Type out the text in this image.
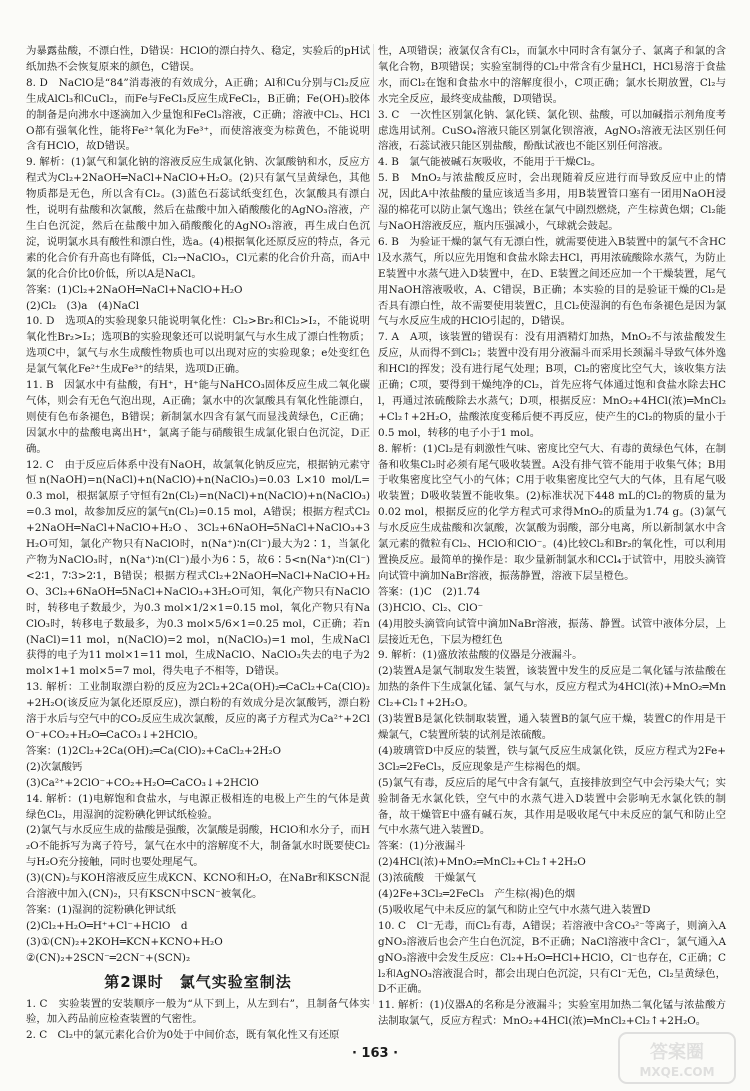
为暴露盐酸，不漂白性，D错误：HClO的漂白持久、稳定，实验后的pH试纸加热不会恢复原来的颜色，C错误。

8. D　NaClO是“84”消毒液的有效成分，A正确；Al和Cu分别与Cl₂反应生成AlCl₃和CuCl₂，而Fe与FeCl₃反应生成FeCl₂，B正确；Fe(OH)₃胶体的制备是向沸水中逐滴加入少量饱和FeCl₃溶液，C正确；溶液中Cl₂、HClO都有强氧化性，能将Fe²⁺氧化为Fe³⁺，而使溶液变为棕黄色，不能说明含有HClO，故D错误。

9. 解析：(1)氯气和氯化钠的溶液反应生成氯化钠、次氯酸钠和水，反应方程式为Cl₂+2NaOH═NaCl+NaClO+H₂O。(2)只有氯气呈黄绿色，其他物质都是无色，所以含有Cl₂。(3)蓝色石蕊试纸变红色，次氯酸具有漂白性，说明有盐酸和次氯酸，然后在盐酸中加入硝酸酸化的AgNO₃溶液，产生白色沉淀，然后在盐酸中加入硝酸酸化的AgNO₃溶液，再生成白色沉淀，说明氯水具有酸性和漂白性，选a。(4)根据氧化还原反应的特点，各元素的化合价有升高也有降低，Cl₂→NaClO₃，Cl元素的化合价升高，而A中氯的化合价比0价低，所以A是NaCl。

答案：(1)Cl₂+2NaOH═NaCl+NaClO+H₂O

(2)Cl₂　(3)a　(4)NaCl

10. D　选项A的实验现象只能说明氧化性：Cl₂>Br₂和Cl₂>I₂，不能说明氧化性Br₂>I₂；选项B的实验现象还可以说明氯气与水生成了漂白性物质；选项C中，氯气与水生成酸性物质也可以出现对应的实验现象；e处变红色是氯气氧化Fe²⁺生成Fe³⁺的结果，选项D正确。

11. B　因氯水中有盐酸，有H⁺，H⁺能与NaHCO₃固体反应生成二氧化碳气体，则会有无色气泡出现，A正确；氯水中的次氯酸具有氧化性能漂白，则使有色布条褪色，B错误；新制氯水四含有氯气而显浅黄绿色，C正确；因氯水中的盐酸电离出H⁺，氯离子能与硝酸银生成氯化银白色沉淀，D正确。

12. C　由于反应后体系中没有NaOH，故氯氧化钠反应完，根据钠元素守恒n(NaOH)=n(NaCl)+n(NaClO)+n(NaClO₃)=0.03 L×10 mol/L=0.3 mol，根据氯原子守恒有2n(Cl₂)=n(NaCl)+n(NaClO)+n(NaClO₃)=0.3 mol，故参加反应的氯气n(Cl₂)=0.15 mol，A错误；根据方程式Cl₂+2NaOH═NaCl+NaClO+H₂O、3Cl₂+6NaOH═5NaCl+NaClO₃+3H₂O可知，氯化产物只有NaClO时，n(Na⁺)∶n(Cl⁻)最大为2∶1，当氯化产物为NaClO₃时，n(Na⁺)∶n(Cl⁻)最小为6∶5，故6∶5<n(Na⁺)∶n(Cl⁻)<2∶1，7∶3>2∶1，B错误；根据方程式Cl₂+2NaOH═NaCl+NaClO+H₂O、3Cl₂+6NaOH═5NaCl+NaClO₃+3H₂O可知，氧化产物只有NaClO时，转移电子数最少，为0.3 mol×1/2×1=0.15 mol，氧化产物只有NaClO₃时，转移电子数最多，为0.3 mol×5/6×1=0.25 mol，C正确；若n(NaCl)=11 mol，n(NaClO)=2 mol，n(NaClO₃)=1 mol，生成NaCl获得的电子为11 mol×1=11 mol，生成NaClO、NaClO₃失去的电子为2 mol×1+1 mol×5=7 mol，得失电子不相等，D错误。

13. 解析：工业制取漂白粉的反应为2Cl₂+2Ca(OH)₂═CaCl₂+Ca(ClO)₂+2H₂O(该反应为氯化还原反应)，漂白粉的有效成分是次氯酸钙，漂白粉溶于水后与空气中的CO₂反应生成次氯酸，反应的离子方程式为Ca²⁺+2ClO⁻+CO₂+H₂O═CaCO₃↓+2HClO。

答案：(1)2Cl₂+2Ca(OH)₂═Ca(ClO)₂+CaCl₂+2H₂O

(2)次氯酸钙

(3)Ca²⁺+2ClO⁻+CO₂+H₂O═CaCO₃↓+2HClO

14. 解析：(1)电解饱和食盐水，与电源正极相连的电极上产生的气体是黄绿色Cl₂，用湿润的淀粉碘化钾试纸检验。

(2)氯气与水反应生成的盐酸是强酸，次氯酸是弱酸，HClO和水分子，而H₂O不能拆写为离子符号，氯气在水中的溶解度不大，制备氯水时既要使Cl₂与H₂O充分接触，同时也要处理尾气。

(3)(CN)₂与KOH溶液反应生成KCN、KCNO和H₂O，在NaBr和KSCN混合溶液中加入(CN)₂，只有KSCN中SCN⁻被氧化。

答案：(1)湿润的淀粉碘化钾试纸

(2)Cl₂+H₂O═H⁺+Cl⁻+HClO　d

(3)①(CN)₂+2KOH═KCN+KCNO+H₂O

②(CN)₂+2SCN⁻═2CN⁻+(SCN)₂

第2课时　氯气实验室制法

1. C　实验装置的安装顺序一般为“从下到上，从左到右”，且制备气体实验，加入药品前应检查装置的气密性。

2. C　Cl₂中的氯元素化合价为0处于中间价态，既有氧化性又有还原

性，A项错误；液氯仅含有Cl₂，而氯水中同时含有氯分子、氯离子和氯的含氧化合物，B项错误；实验室制得的Cl₂中常含有少量HCl，HCl易溶于食盐水，而Cl₂在饱和食盐水中的溶解度很小，C项正确；氯水长期放置，Cl₂与水完全反应，最终变成盐酸，D项错误。

3. C　一次性区别氯化钠、氯化镁、氯化钡、盐酸，可以加碱指示剂角度考虑选用试剂。CuSO₄溶液只能区别氯化钡溶液，AgNO₃溶液无法区别任何溶液，石蕊试液只能区别盐酸，酚酞试液也不能区别任何溶液。

4. B　氯气能被碱石灰吸收，不能用于干燥Cl₂。

5. B　MnO₂与浓盐酸反应时，会出现随着反应进行而导致反应中止的情况，因此A中浓盐酸的量应该适当多用，用B装置管口塞有一团用NaOH浸湿的棉花可以防止氯气逸出；铁丝在氯气中剧烈燃烧，产生棕黄色烟；Cl₂能与NaOH溶液反应，瓶内压强减小，气球就会鼓起。

6. B　为验证干燥的氯气有无漂白性，就需要使进入B装置中的氯气不含HCl及水蒸气，所以应先用饱和食盐水除去HCl，再用浓硫酸除水蒸气，为防止E装置中水蒸气进入D装置中，在D、E装置之间还应加一个干燥装置，尾气用NaOH溶液吸收，A、C错误，B正确；本实验的目的是验证干燥的Cl₂是否具有漂白性，故不需要使用装置C，且Cl₂使湿润的有色布条褪色是因为氯气与水反应生成的HClO引起的，D错误。

7. A　A项，该装置的错误有：没有用酒精灯加热，MnO₂不与浓盐酸发生反应，从而得不到Cl₂；装置中没有用分液漏斗而采用长颈漏斗导致气体外逸和HCl的挥发；没有进行尾气处理；B项，Cl₂的密度比空气大，该收集方法正确；C项，要得到干燥纯净的Cl₂，首先应将气体通过饱和食盐水除去HCl，再通过浓硫酸除去水蒸气；D项，根据反应：MnO₂+4HCl(浓)═MnCl₂+Cl₂↑+2H₂O，盐酸浓度变稀后便不再反应，使产生的Cl₂的物质的量小于0.5 mol，转移的电子小于1 mol。

8. 解析：(1)Cl₂是有刺激性气味、密度比空气大、有毒的黄绿色气体，在制备和收集Cl₂时必须有尾气吸收装置。A没有排气管不能用于收集气体；B用于收集密度比空气小的气体；C用于收集密度比空气大的气体，且有尾气吸收装置；D吸收装置不能收集。(2)标准状况下448 mL的Cl₂的物质的量为0.02 mol，根据反应的化学方程式可求得MnO₂的质量为1.74 g。(3)氯气与水反应生成盐酸和次氯酸，次氯酸为弱酸，部分电离，所以新制氯水中含氯元素的微粒有Cl₂、HClO和ClO⁻。(4)比较Cl₂和Br₂的氧化性，可以利用置换反应。最简单的操作是：取少量新制氯水和CCl₄于试管中，用胶头滴管向试管中滴加NaBr溶液，振荡静置，溶液下层呈橙色。

答案：(1)C　(2)1.74

(3)HClO、Cl₂、ClO⁻

(4)用胶头滴管向试管中滴加NaBr溶液，振荡、静置。试管中液体分层，上层接近无色，下层为橙红色

9. 解析：(1)盛放浓盐酸的仪器是分液漏斗。

(2)装置A是氯气制取发生装置，该装置中发生的反应是二氧化锰与浓盐酸在加热的条件下生成氯化锰、氯气与水，反应方程式为4HCl(浓)+MnO₂═MnCl₂+Cl₂↑+2H₂O。

(3)装置B是氯化铁制取装置，通入装置B的氯气应干燥，装置C的作用是干燥氯气，C装置所装的试剂是浓硫酸。

(4)玻璃管D中反应的装置，铁与氯气反应生成氯化铁，反应方程式为2Fe+3Cl₂═2FeCl₃，反应现象是产生棕褐色的烟。

(5)氯气有毒，反应后的尾气中含有氯气，直接排放到空气中会污染大气；实验制备无水氯化铁，空气中的水蒸气进入D装置中会影响无水氯化铁的制备，故干燥管E中盛有碱石灰，其作用是吸收尾气中未反应的氯气和防止空气中水蒸气进入装置D。

答案：(1)分液漏斗

(2)4HCl(浓)+MnO₂═MnCl₂+Cl₂↑+2H₂O

(3)浓硫酸　干燥氯气

(4)2Fe+3Cl₂═2FeCl₃　产生棕(褐)色的烟

(5)吸收尾气中未反应的氯气和防止空气中水蒸气进入装置D

10. C　Cl⁻无毒，而Cl₂有毒，A错误；若溶液中含CO₃²⁻等离子，则滴入AgNO₃溶液后也会产生白色沉淀，B不正确；NaCl溶液中含Cl⁻，氯气通入AgNO₃溶液中会发生反应：Cl₂+H₂O═HCl+HClO，Cl⁻也存在，C正确；Cl₂和AgNO₃溶液混合时，都会出现白色沉淀，只有Cl⁻无色，Cl₂呈黄绿色，D不正确。

11. 解析：(1)仪器A的名称是分液漏斗；实验室用加热二氧化锰与浓盐酸方法制取氯气，反应方程式：MnO₂+4HCl(浓)═MnCl₂+Cl₂↑+2H₂O。

· 163 ·	答案圈
MXQE.COM
